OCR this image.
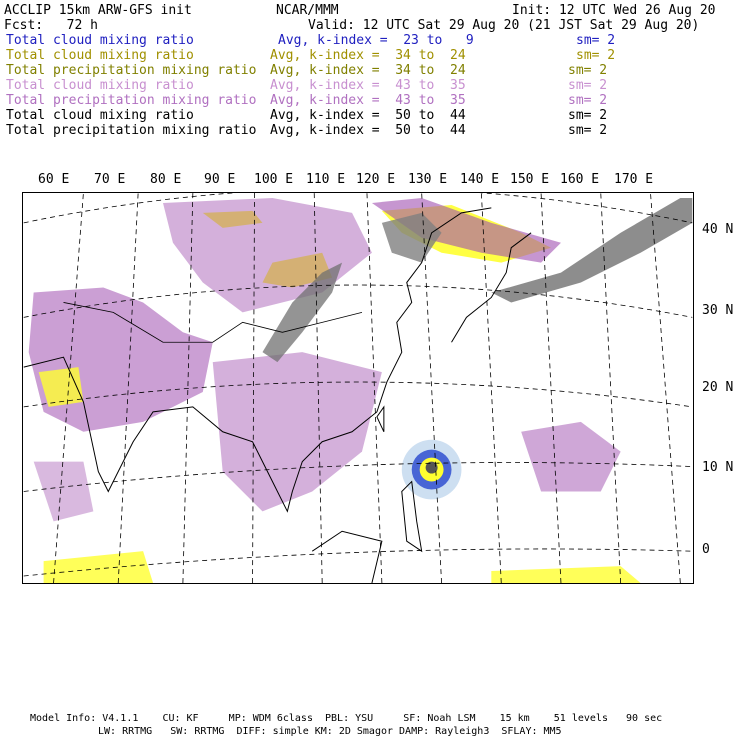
ACCLIP 15km ARW-GFS init	NCAR/MMM	Init: 12 UTC Wed 26 Aug 20
Fcst:   72 h	Valid: 12 UTC Sat 29 Aug 20 (21 JST Sat 29 Aug 20)
Total cloud mixing ratio	Avg, k-index =  23 to   9	sm= 2
Total cloud mixing ratio	Avg, k-index =  34 to  24	sm= 2
Total precipitation mixing ratio Avg, k-index =  34 to  24	sm= 2
Total cloud mixing ratio	Avg, k-index =  43 to  35	sm= 2
Total precipitation mixing ratio Avg, k-index =  43 to  35	sm= 2
Total cloud mixing ratio	Avg, k-index =  50 to  44	sm= 2
Total precipitation mixing ratio Avg, k-index =  50 to  44	sm= 2
60 E 70 E 80 E 90 E 100 E 110 E 120 E 130 E 140 E 150 E 160 E 170 E
40 N
30 N
20 N
10 N
0
Model Info: V4.1.1    CU: KF     MP: WDM 6class  PBL: YSU     SF: Noah LSM    15 km    51 levels   90 sec
LW: RRTMG   SW: RRTMG  DIFF: simple KM: 2D Smagor DAMP: Rayleigh3  SFLAY: MM5
